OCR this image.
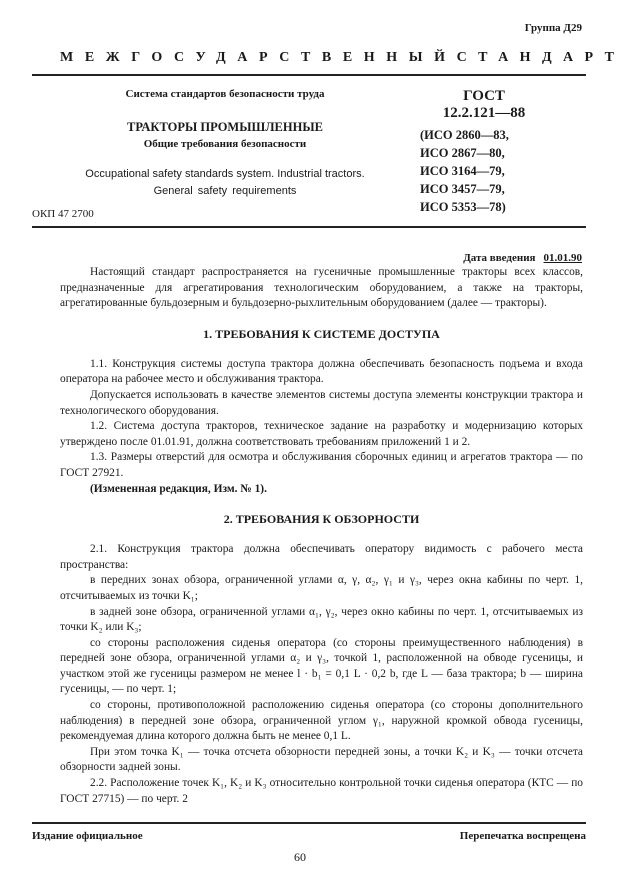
Группа Д29
МЕЖГОСУДАРСТВЕННЫЙ СТАНДАРТ
Система стандартов безопасности труда
ТРАКТОРЫ ПРОМЫШЛЕННЫЕ
Общие требования безопасности
Occupational safety standards system. Industrial tractors.
General safety requirements
ОКП 47 2700
ГОСТ
12.2.121—88
(ИСО 2860—83,
ИСО 2867—80,
ИСО 3164—79,
ИСО 3457—79,
ИСО 5353—78)
Дата введения 01.01.90

Настоящий стандарт распространяется на гусеничные промышленные тракторы всех классов, предназначенные для агрегатирования технологическим оборудованием, а также на тракторы, агрегатированные бульдозерным и бульдозерно-рыхлительным оборудованием (далее — тракторы).

1. ТРЕБОВАНИЯ К СИСТЕМЕ ДОСТУПА

1.1. Конструкция системы доступа трактора должна обеспечивать безопасность подъема и входа оператора на рабочее место и обслуживания трактора.

Допускается использовать в качестве элементов системы доступа элементы конструкции трактора и технологического оборудования.

1.2. Система доступа тракторов, техническое задание на разработку и модернизацию которых утверждено после 01.01.91, должна соответствовать требованиям приложений 1 и 2.

1.3. Размеры отверстий для осмотра и обслуживания сборочных единиц и агрегатов трактора — по ГОСТ 27921.

(Измененная редакция, Изм. № 1).

2. ТРЕБОВАНИЯ К ОБЗОРНОСТИ

2.1. Конструкция трактора должна обеспечивать оператору видимость с рабочего места пространства:

в передних зонах обзора, ограниченной углами α, γ, α₂, γ₁ и γ₃, через окна кабины по черт. 1, отсчитываемых из точки K₁;

в задней зоне обзора, ограниченной углами α₁, γ₂, через окно кабины по черт. 1, отсчитываемых из точки K₂ или K₃;

со стороны расположения сиденья оператора (со стороны преимущественного наблюдения) в передней зоне обзора, ограниченной углами α₂ и γ₃, точкой 1, расположенной на обводе гусеницы, и участком этой же гусеницы размером не менее l · b₁ = 0,1 L · 0,2 b, где L — база трактора; b — ширина гусеницы, — по черт. 1;

со стороны, противоположной расположению сиденья оператора (со стороны дополнительного наблюдения) в передней зоне обзора, ограниченной углом γ₁, наружной кромкой обвода гусеницы, рекомендуемая длина которого должна быть не менее 0,1 L.

При этом точка K₁ — точка отсчета обзорности передней зоны, а точки K₂ и K₃ — точки отсчета обзорности задней зоны.

2.2. Расположение точек K₁, K₂ и K₃ относительно контрольной точки сиденья оператора (КТС — по ГОСТ 27715) — по черт. 2

Издание официальное	Перепечатка воспрещена
60
